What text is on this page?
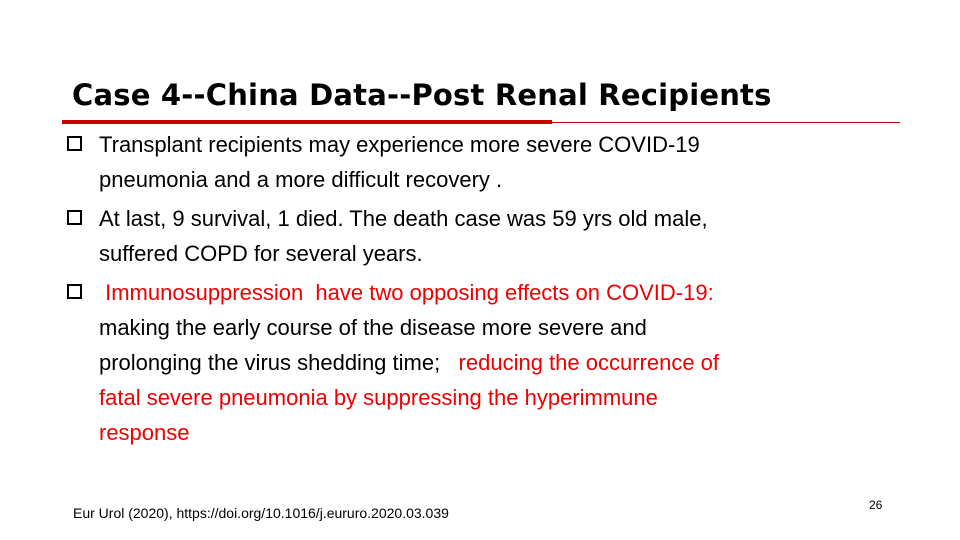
Case 4--China Data--Post Renal Recipients
Transplant recipients may experience more severe COVID-19
pneumonia and a more difficult recovery .
At last, 9 survival, 1 died. The death case was 59 yrs old male,
suffered COPD for several years.
Immunosuppression  have two opposing effects on COVID-19:
making the early course of the disease more severe and
prolonging the virus shedding time;   reducing the occurrence of
fatal severe pneumonia by suppressing the hyperimmune
response
Eur Urol (2020), https://doi.org/10.1016/j.eururo.2020.03.039	26
